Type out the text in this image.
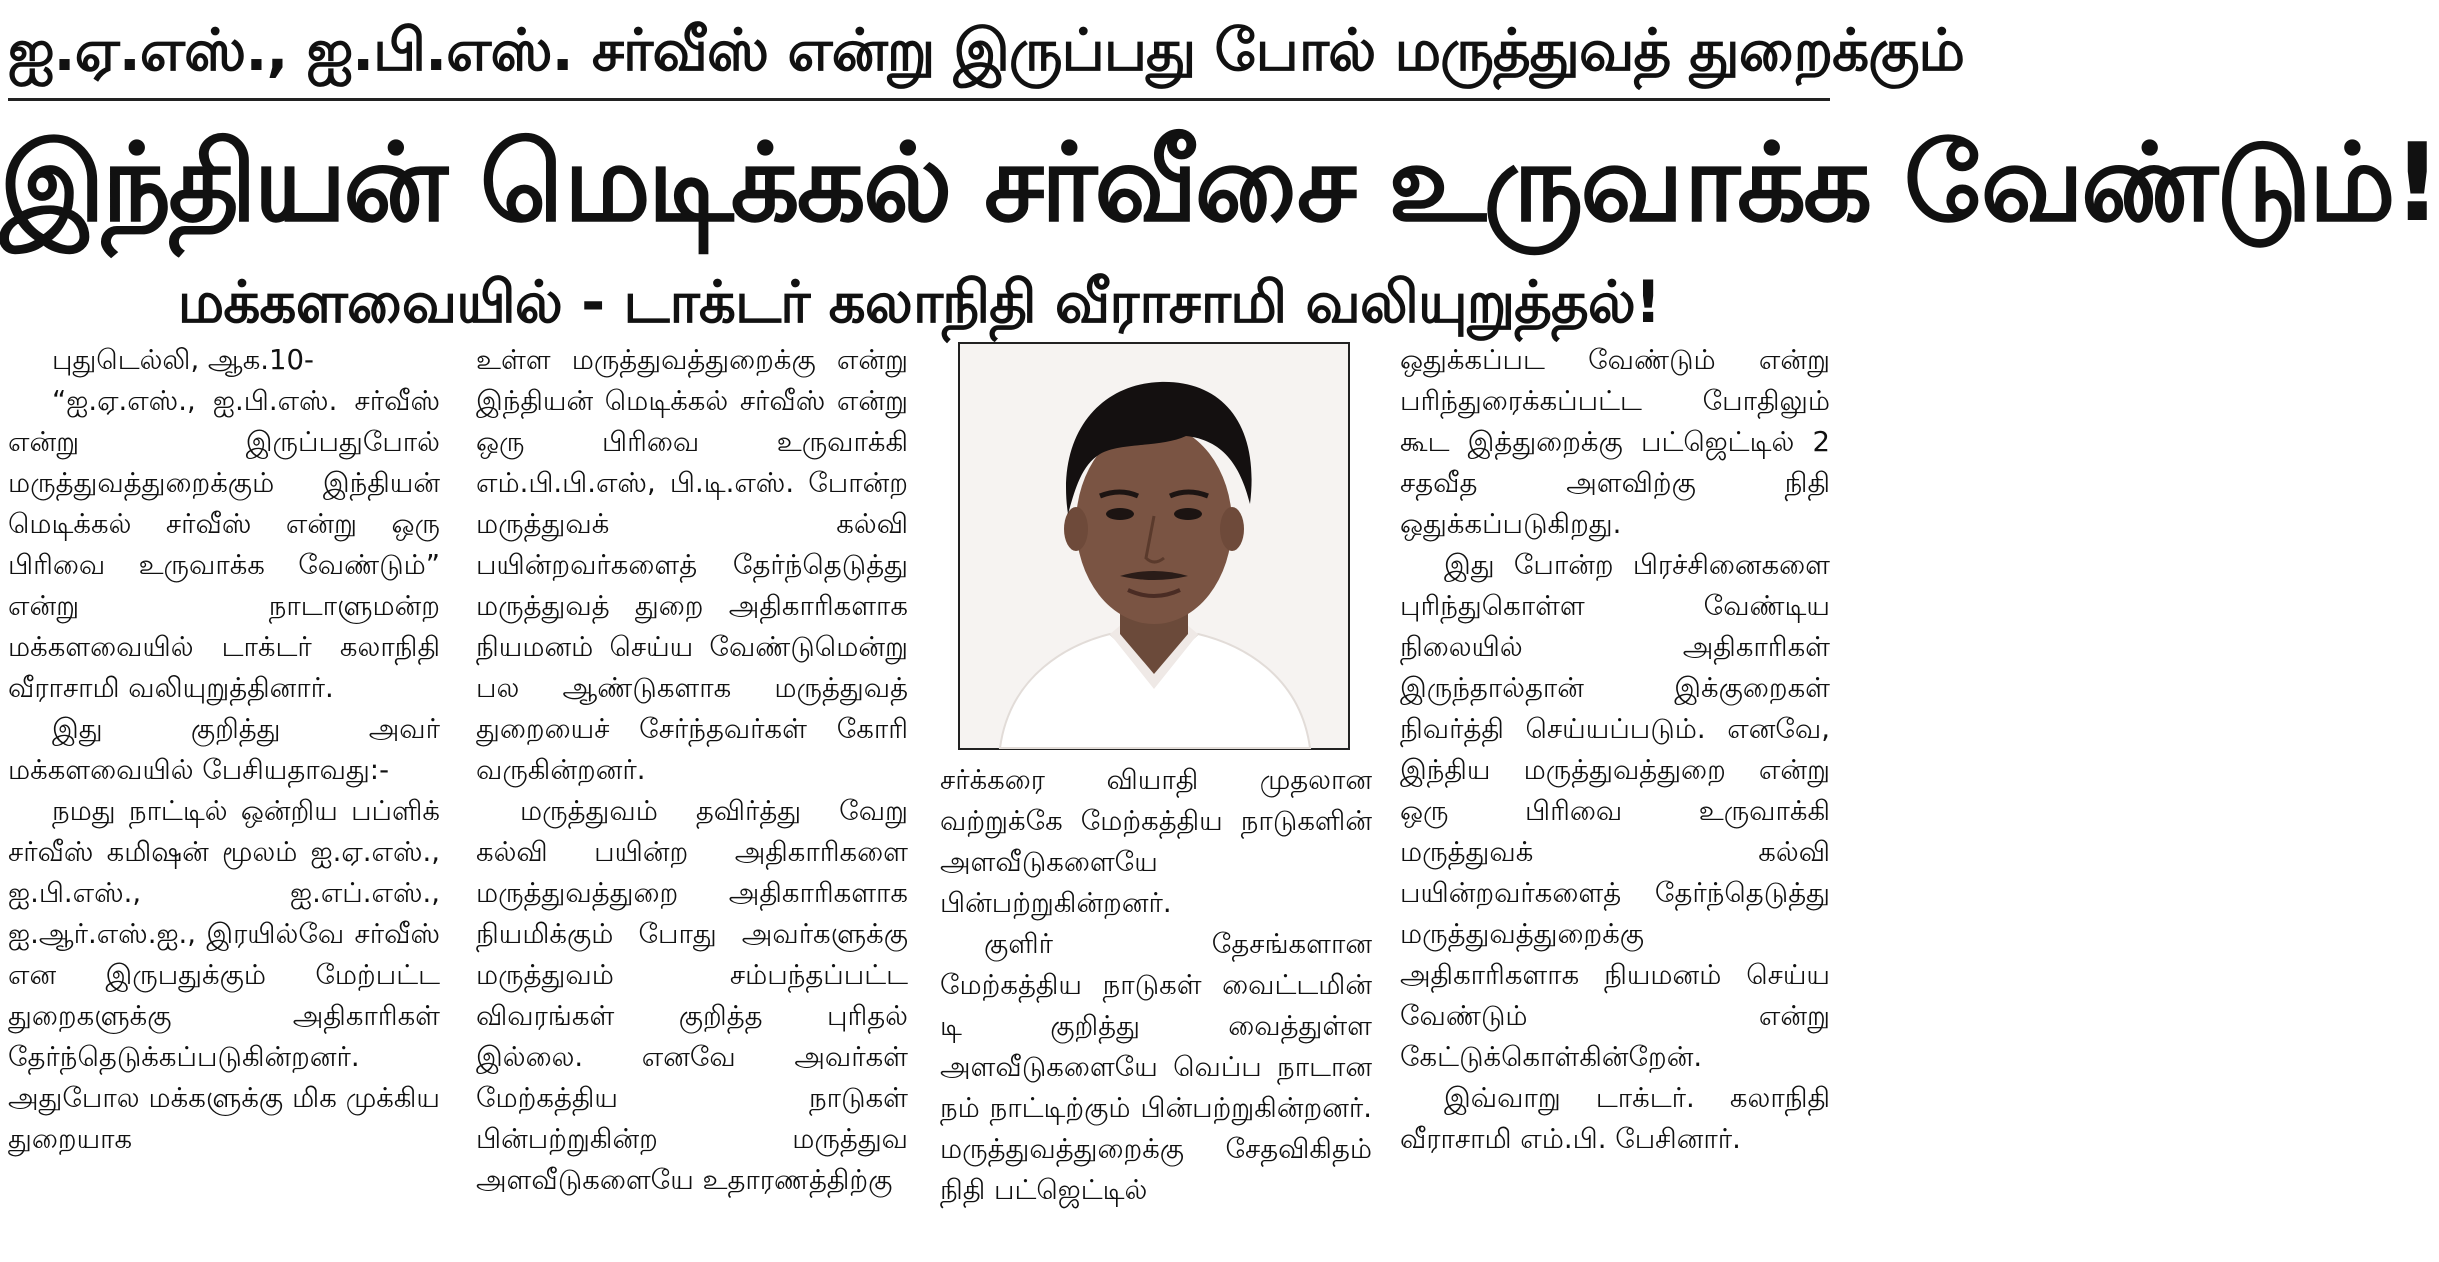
ஐ.ஏ.எஸ்., ஐ.பி.எஸ். சர்வீஸ் என்று இருப்பது போல் மருத்துவத் துறைக்கும்
இந்தியன் மெடிக்கல் சர்வீசை உருவாக்க வேண்டும்!
மக்களவையில் - டாக்டர் கலாநிதி வீராசாமி வலியுறுத்தல்!

புதுடெல்லி, ஆக.10-

“ஐ.ஏ.எஸ்., ஐ.பி.எஸ். சர்வீஸ் என்று இருப்பதுபோல் மருத்துவத்துறைக்கும் இந்தியன் மெடிக்கல் சர்வீஸ் என்று ஒரு பிரிவை உருவாக்க வேண்டும்” என்று நாடாளுமன்ற மக்களவையில் டாக்டர் கலாநிதி வீராசாமி வலியுறுத்தினார்.

இது குறித்து அவர் மக்களவையில் பேசியதாவது:-

நமது நாட்டில் ஒன்றிய பப்ளிக் சர்வீஸ் கமிஷன் மூலம் ஐ.ஏ.எஸ்., ஐ.பி.எஸ்., ஐ.எப்.எஸ்., ஐ.ஆர்.எஸ்.ஐ., இரயில்வே சர்வீஸ் என இருபதுக்கும் மேற்பட்ட துறைகளுக்கு அதிகாரிகள் தேர்ந்தெடுக்கப்படுகின்றனர். அதுபோல மக்களுக்கு மிக முக்கிய துறையாக

உள்ள மருத்துவத்துறைக்கு என்று இந்தியன் மெடிக்கல் சர்வீஸ் என்று ஒரு பிரிவை உருவாக்கி எம்.பி.பி.எஸ், பி.டி.எஸ். போன்ற மருத்துவக் கல்வி பயின்றவர்களைத் தேர்ந்தெடுத்து மருத்துவத் துறை அதிகாரிகளாக நியமனம் செய்ய வேண்டுமென்று பல ஆண்டுகளாக மருத்துவத் துறையைச் சேர்ந்தவர்கள் கோரி வருகின்றனர்.

மருத்துவம் தவிர்த்து வேறு கல்வி பயின்ற அதிகாரிகளை மருத்துவத்துறை அதிகாரிகளாக நியமிக்கும் போது அவர்களுக்கு மருத்துவம் சம்பந்தப்பட்ட விவரங்கள் குறித்த புரிதல் இல்லை. எனவே அவர்கள் மேற்கத்திய நாடுகள் பின்பற்றுகின்ற மருத்துவ அளவீடுகளையே உதாரணத்திற்கு

சர்க்கரை வியாதி முதலான வற்றுக்கே மேற்கத்திய நாடுகளின் அளவீடுகளையே பின்பற்றுகின்றனர்.

குளிர் தேசங்களான மேற்கத்திய நாடுகள் வைட்டமின் டி குறித்து வைத்துள்ள அளவீடுகளையே வெப்ப நாடான நம் நாட்டிற்கும் பின்பற்றுகின்றனர். மருத்துவத்துறைக்கு சேதவிகிதம் நிதி பட்ஜெட்டில்

ஒதுக்கப்பட வேண்டும் என்று பரிந்துரைக்கப்பட்ட போதிலும் கூட இத்துறைக்கு பட்ஜெட்டில் 2 சதவீத அளவிற்கு நிதி ஒதுக்கப்படுகிறது.

இது போன்ற பிரச்சினைகளை புரிந்துகொள்ள வேண்டிய நிலையில் அதிகாரிகள் இருந்தால்தான் இக்குறைகள் நிவர்த்தி செய்யப்படும். எனவே, இந்திய மருத்துவத்துறை என்று ஒரு பிரிவை உருவாக்கி மருத்துவக் கல்வி பயின்றவர்களைத் தேர்ந்தெடுத்து மருத்துவத்துறைக்கு அதிகாரிகளாக நியமனம் செய்ய வேண்டும் என்று கேட்டுக்கொள்கின்றேன்.

இவ்வாறு டாக்டர். கலாநிதி வீராசாமி எம்.பி. பேசினார்.
